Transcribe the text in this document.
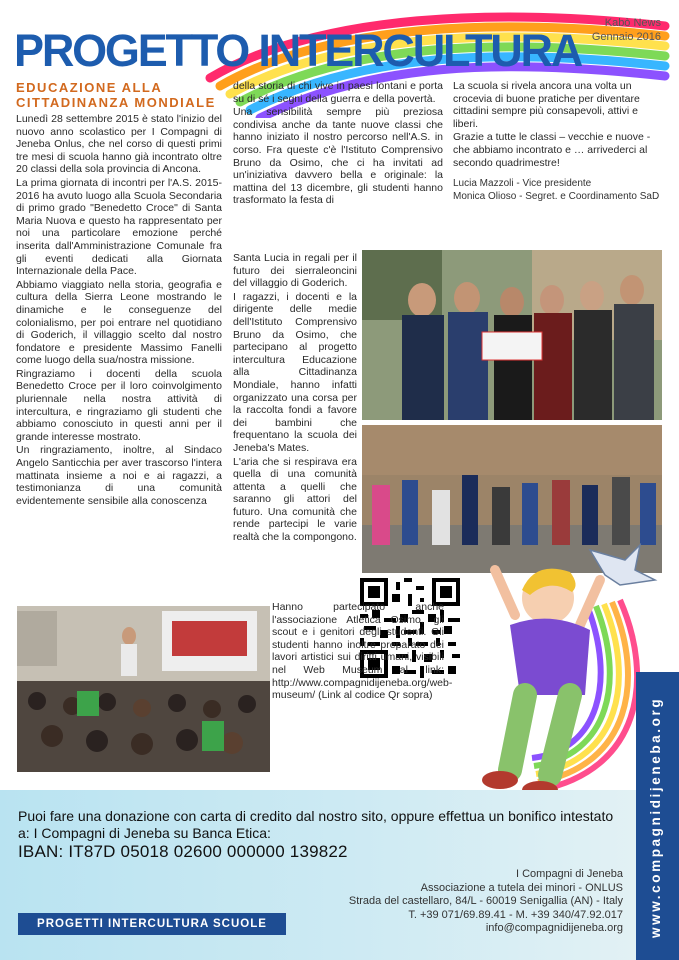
PROGETTO INTERCULTURA
Kabò News
Gennaio 2016
EDUCAZIONE ALLA
CITTADINANZA MONDIALE

Lunedì 28 settembre 2015 è stato l'inizio del nuovo anno scolastico per I Compagni di Jeneba Onlus, che nel corso di questi primi tre mesi di scuola hanno già incontrato oltre 20 classi della sola provincia di Ancona.

La prima giornata di incontri per l'A.S. 2015-2016 ha avuto luogo alla Scuola Secondaria di primo grado "Benedetto Croce" di Santa Maria Nuova e questo ha rappresentato per noi una particolare emozione perché inserita dall'Amministrazione Comunale fra gli eventi dedicati alla Giornata Internazionale della Pace.

Abbiamo viaggiato nella storia, geografia e cultura della Sierra Leone mostrando le dinamiche e le conseguenze del colonialismo, per poi entrare nel quotidiano di Goderich, il villaggio scelto dal nostro fondatore e presidente Massimo Fanelli come luogo della sua/nostra missione.

Ringraziamo i docenti della scuola Benedetto Croce per il loro coinvolgimento pluriennale nella nostra attività di intercultura, e ringraziamo gli studenti che abbiamo conosciuto in questi anni per il grande interesse mostrato.

Un ringraziamento, inoltre, al Sindaco Angelo Santicchia per aver trascorso l'intera mattinata insieme a noi e ai ragazzi, a testimonianza di una comunità evidentemente sensibile alla conoscenza

della storia di chi vive in paesi lontani e porta su di sé i segni della guerra e della povertà.

Una sensibilità sempre più preziosa condivisa anche da tante nuove classi che hanno iniziato il nostro percorso nell'A.S. in corso. Fra queste c'è l'Istituto Comprensivo Bruno da Osimo, che ci ha invitati ad un'iniziativa davvero bella e originale: la mattina del 13 dicembre, gli studenti hanno trasformato la festa di

Santa Lucia in regali per il futuro dei sierraleoncini del villaggio di Goderich.

I ragazzi, i docenti e la dirigente delle medie dell'Istituto Comprensivo Bruno da Osimo, che partecipano al progetto intercultura Educazione alla Cittadinanza Mondiale, hanno infatti organizzato una corsa per la raccolta fondi a favore dei bambini che frequentano la scuola dei Jeneba's Mates.

L'aria che si respirava era quella di una comunità attenta a quelli che saranno gli attori del futuro. Una comunità che rende partecipi le varie realtà che la compongono.

La scuola si rivela ancora una volta un crocevia di buone pratiche per diventare cittadini sempre più consapevoli, attivi e liberi.

Grazie a tutte le classi – vecchie e nuove - che abbiamo incontrato e … arrivederci al secondo quadrimestre!

Lucia Mazzoli - Vice presidente
Monica Olioso - Segret. e Coordinamento SaD

Hanno partecipato anche l'associazione Atletica Osimo, gli scout e i genitori degli studenti. Gli studenti hanno inoltre preparato dei lavori artistici sui diritti umani, visibili nel Web Museum al link: http://www.compagnidijeneba.org/web-museum/ (Link al codice Qr sopra)

Puoi fare una donazione con carta di credito dal nostro sito, oppure effettua un bonifico intestato a: I Compagni di Jeneba su Banca Etica:

IBAN: IT87D 05018 02600 000000 139822
I Compagni di Jeneba
Associazione a tutela dei minori - ONLUS
Strada del castellaro, 84/L - 60019 Senigallia (AN) - Italy
T. +39 071/69.89.41 - M. +39 340/47.92.017
info@compagnidijeneba.org
PROGETTI INTERCULTURA SCUOLE	www.compagnidijeneba.org
